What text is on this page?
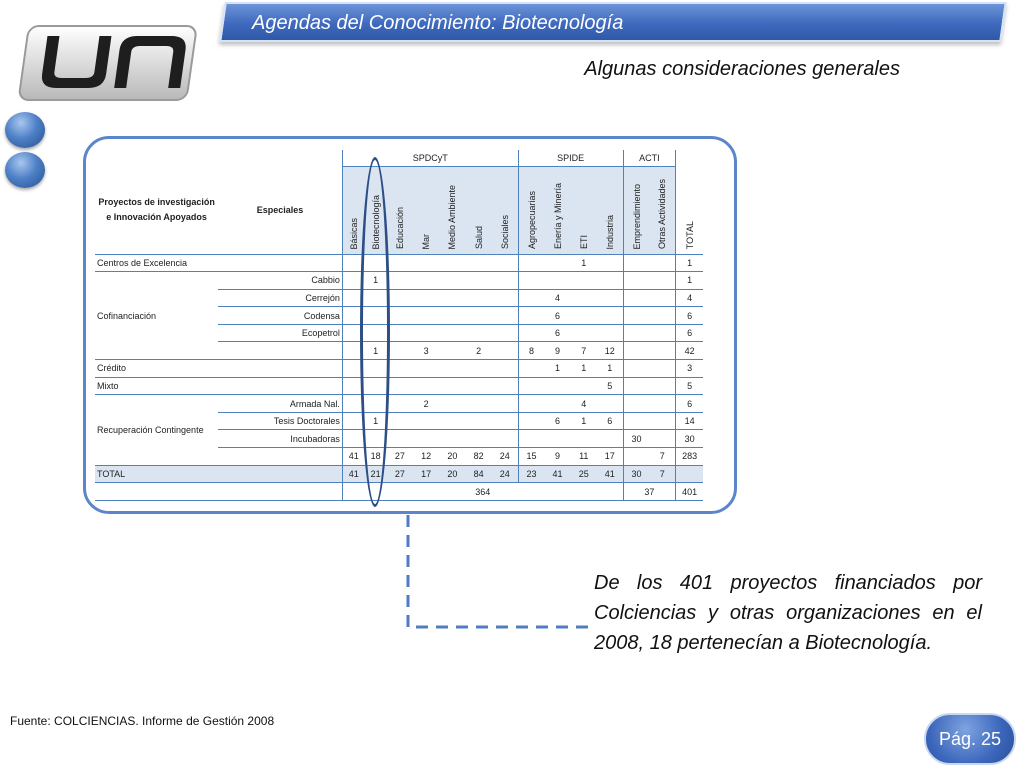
Agendas del Conocimiento: Biotecnología
Algunas consideraciones generales
		SPDCyT							SPIDE				ACTI		
Proyectos de investigación e Innovación Apoyados	Especiales	Básicas	Biotecnología	Educación	Mar	Medio Ambiente	Salud	Sociales	Agropecuarias	Enería y Minería	ETI	Industria	Emprendimiento	Otras Actividades	TOTAL
Centros de Excelencia											1				1
Cofinanciación	Cabbio		1												1
	Cerrejón									4					4
	Codensa									6					6
	Ecopetrol									6					6
			1		3		2		8	9	7	12			42
Crédito										1	1	1			3
Mixto												5			5
Recuperación Contingente	Armada Nal.				2						4				6
	Tesis Doctorales		1							6	1	6			14
	Incubadoras												30		30
		41	18	27	12	20	82	24	15	9	11	17		7	283
TOTAL		41	21	27	17	20	84	24	23	41	25	41	30	7	
		364											37		401
De los 401 proyectos financiados por Colciencias y otras organizaciones en el 2008, 18 pertenecían a Biotecnología.
Fuente: COLCIENCIAS. Informe de Gestión 2008
Pág. 25
